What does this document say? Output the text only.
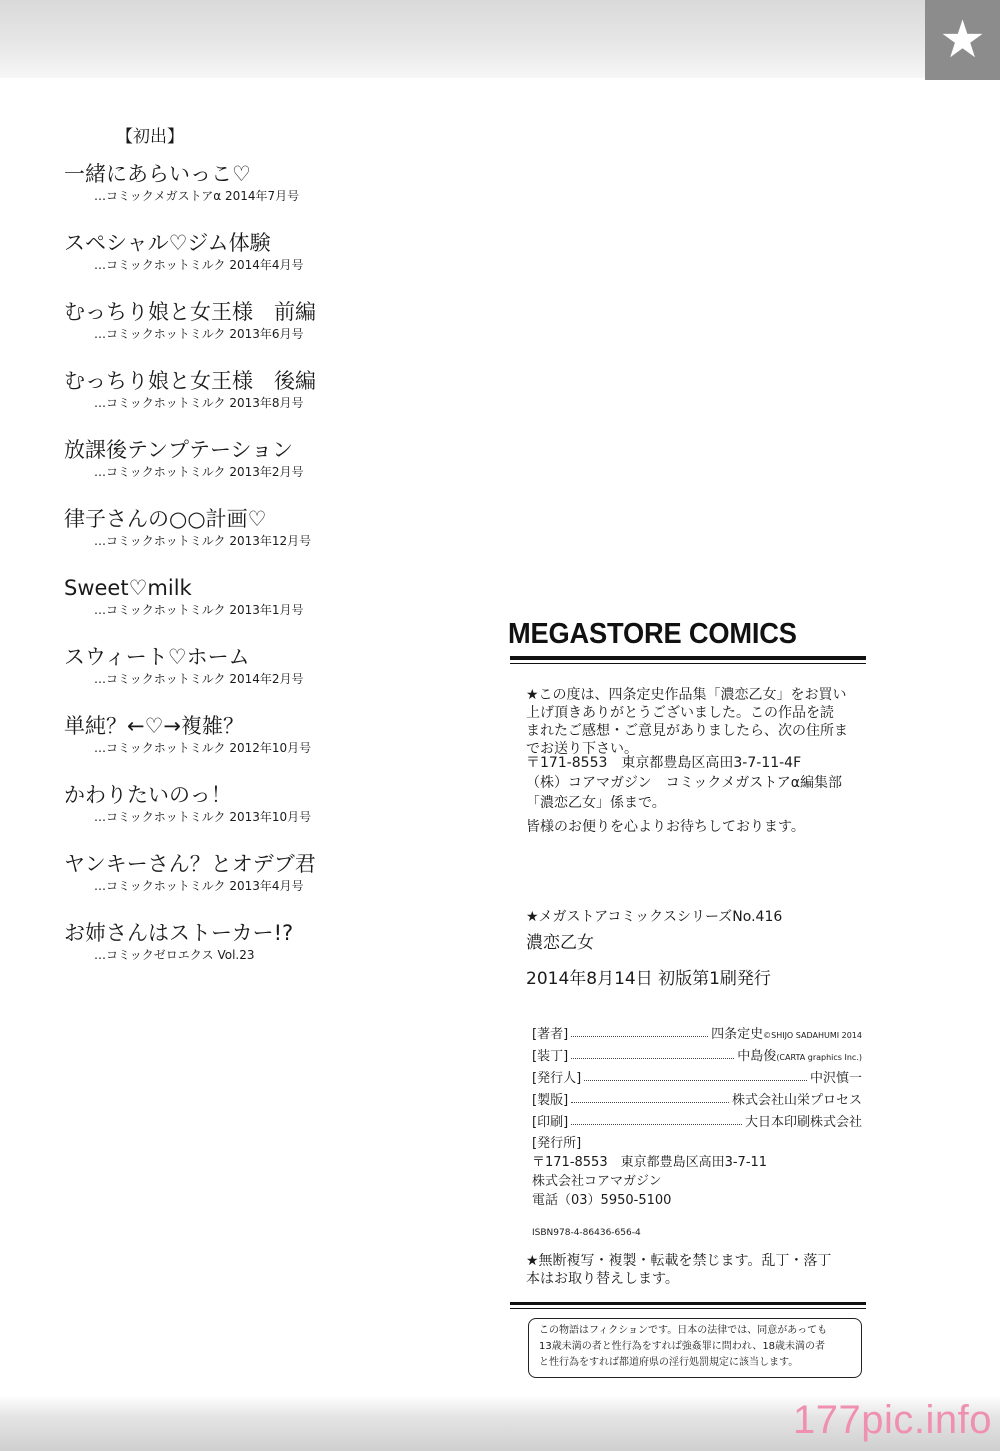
★
【初出】
一緒にあらいっこ♡
…コミックメガストアα 2014年7月号
スペシャル♡ジム体験
…コミックホットミルク 2014年4月号
むっちり娘と女王様　前編
…コミックホットミルク 2013年6月号
むっちり娘と女王様　後編
…コミックホットミルク 2013年8月号
放課後テンプテーション
…コミックホットミルク 2013年2月号
律子さんの○○計画♡
…コミックホットミルク 2013年12月号
Sweet♡milk
…コミックホットミルク 2013年1月号
スウィート♡ホーム
…コミックホットミルク 2014年2月号
単純？←♡→複雑？
…コミックホットミルク 2012年10月号
かわりたいのっ！
…コミックホットミルク 2013年10月号
ヤンキーさん？とオデブ君
…コミックホットミルク 2013年4月号
お姉さんはストーカー!?
…コミックゼロエクス Vol.23
MEGASTORE COMICS
★この度は、四条定史作品集「濃恋乙女」をお買い
上げ頂きありがとうございました。この作品を読
まれたご感想・ご意見がありましたら、次の住所ま
でお送り下さい。
〒171-8553　東京都豊島区高田3-7-11-4F
（株）コアマガジン　コミックメガストアα編集部
「濃恋乙女」係まで。
皆様のお便りを心よりお待ちしております。
★メガストアコミックスシリーズNo.416
濃恋乙女
2014年8月14日 初版第1刷発行
[著者]	四条定史©SHIJO SADAHUMI 2014
[装丁]	中島俊(CARTA graphics Inc.)
[発行人]	中沢慎一
[製版]	株式会社山栄プロセス
[印刷]	大日本印刷株式会社
[発行所]
〒171-8553　東京都豊島区高田3-7-11
株式会社コアマガジン
電話（03）5950-5100
ISBN978-4-86436-656-4
★無断複写・複製・転載を禁じます。乱丁・落丁
本はお取り替えします。
この物語はフィクションです。日本の法律では、同意があっても
13歳未満の者と性行為をすれば強姦罪に問われ、18歳未満の者
と性行為をすれば都道府県の淫行処罰規定に該当します。
177pic.info
